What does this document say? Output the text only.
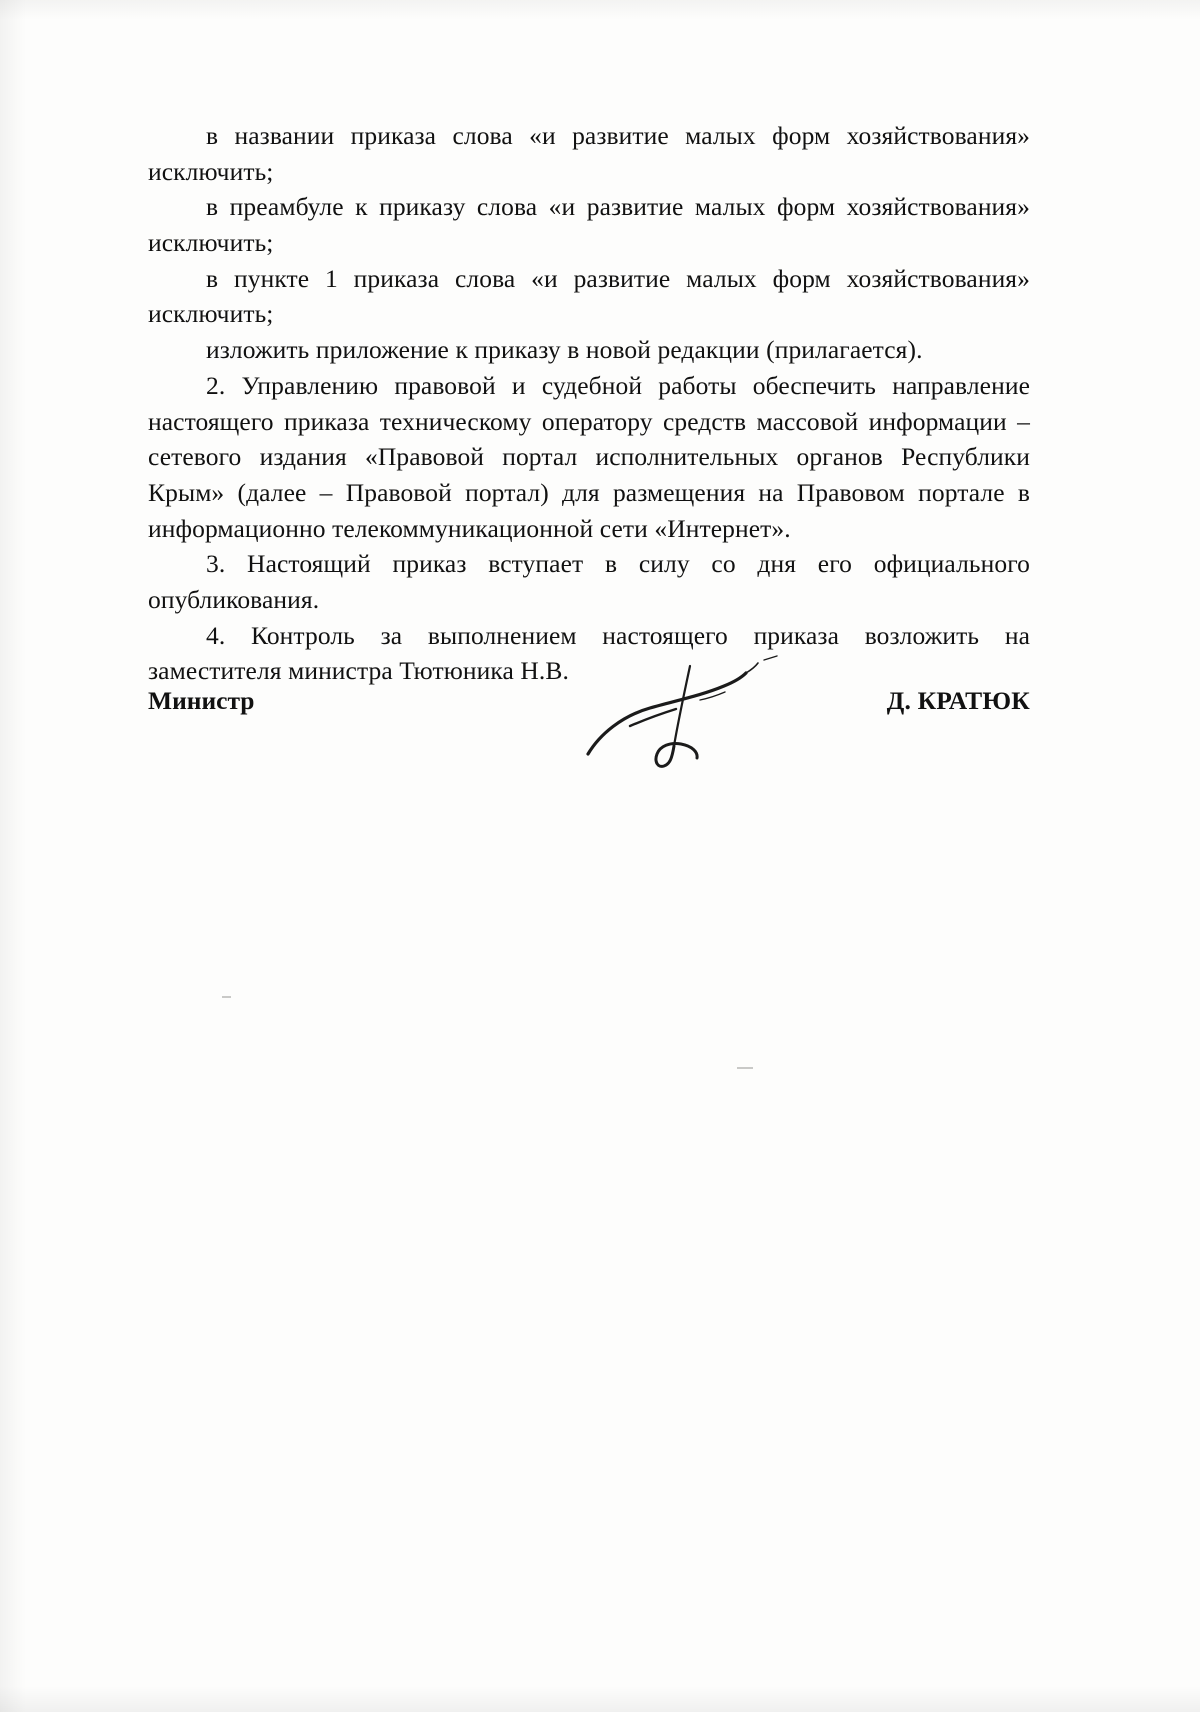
в названии приказа слова «и развитие малых форм хозяйствования» исключить;

в преамбуле к приказу слова «и развитие малых форм хозяйствования» исключить;

в пункте 1 приказа слова «и развитие малых форм хозяйствования» исключить;

изложить приложение к приказу в новой редакции (прилагается).

2. Управлению правовой и судебной работы обеспечить направление настоящего приказа техническому оператору средств массовой информации – сетевого издания «Правовой портал исполнительных органов Республики Крым» (далее – Правовой портал) для размещения на Правовом портале в информационно телекоммуникационной сети «Интернет».

3. Настоящий приказ вступает в силу со дня его официального опубликования.

4. Контроль за выполнением настоящего приказа возложить на заместителя министра Тютюника Н.В.

Министр	Д. КРАТЮК
